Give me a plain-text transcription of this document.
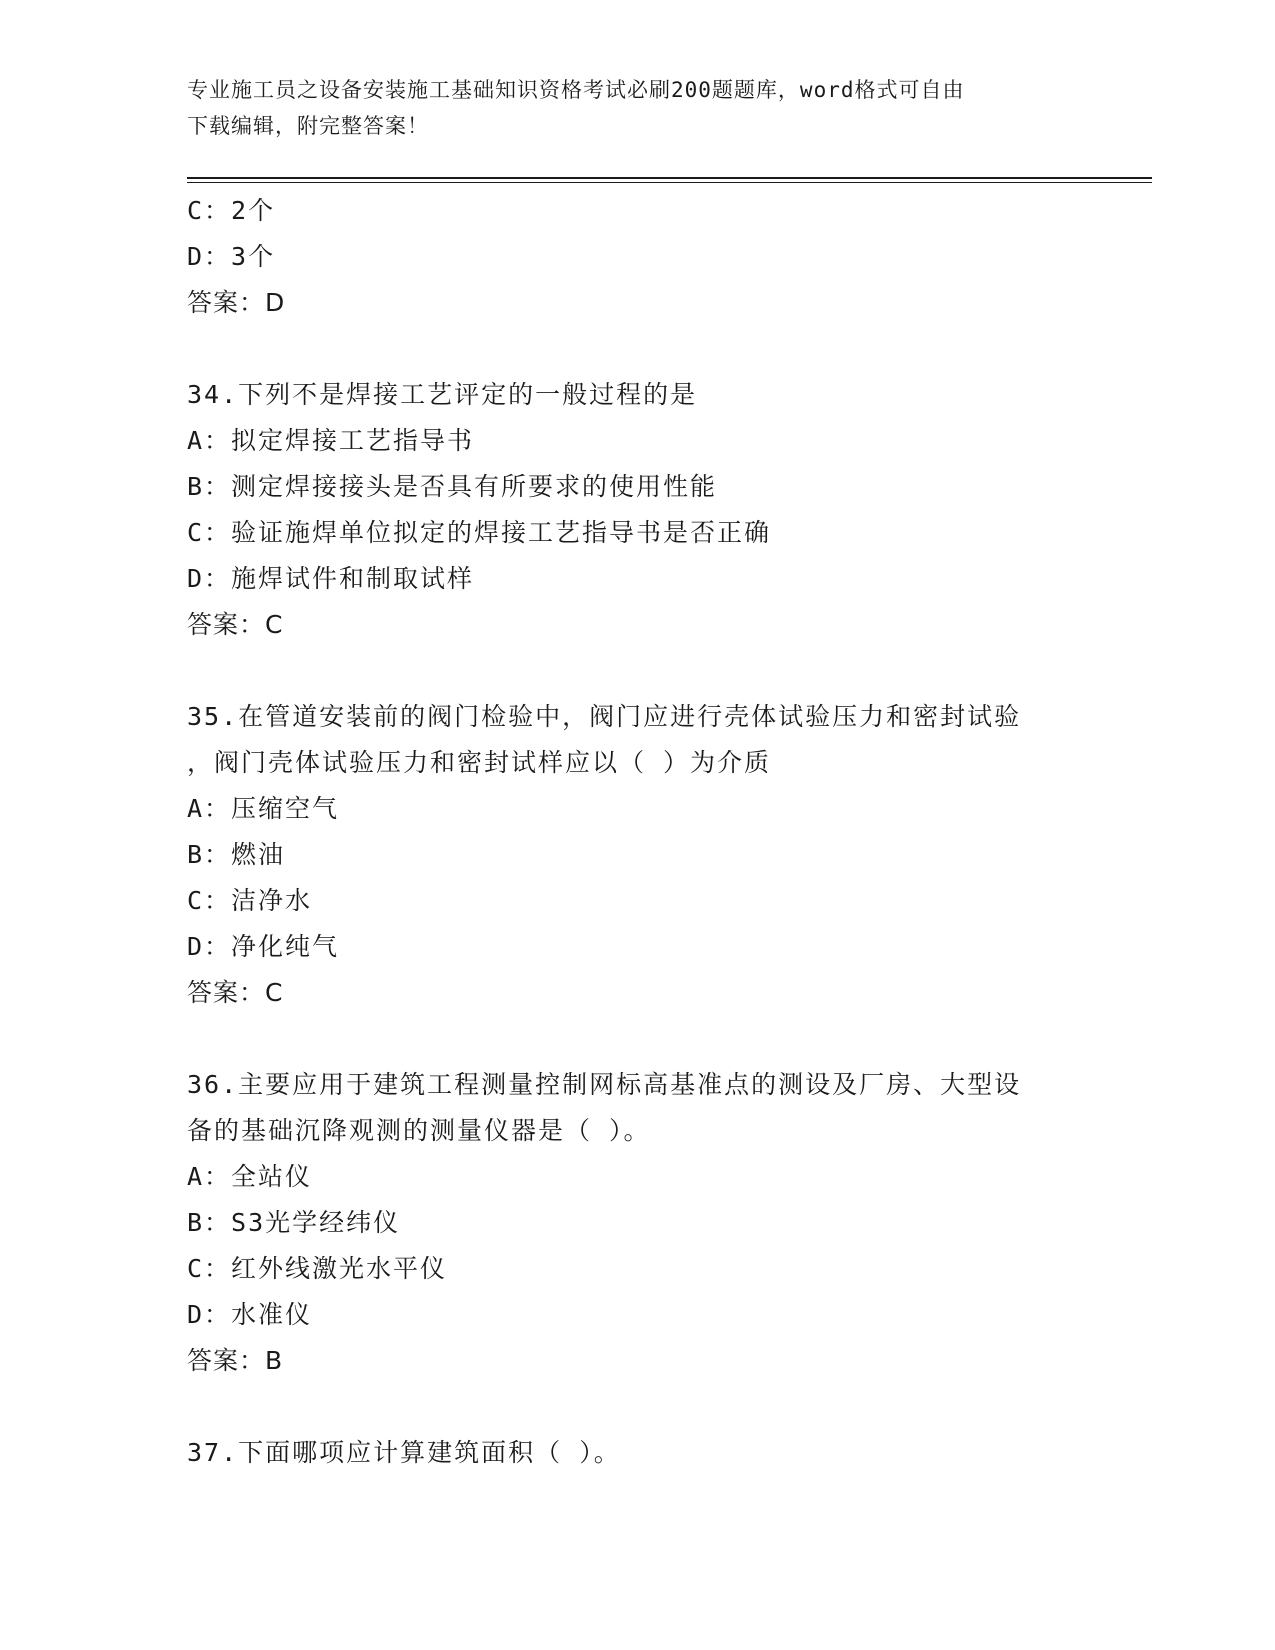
专业施工员之设备安装施工基础知识资格考试必刷200题题库，word格式可自由
下载编辑，附完整答案！
C：2个
D：3个
答案：D
34.下列不是焊接工艺评定的一般过程的是
A：拟定焊接工艺指导书
B：测定焊接接头是否具有所要求的使用性能
C：验证施焊单位拟定的焊接工艺指导书是否正确
D：施焊试件和制取试样
答案：C
35.在管道安装前的阀门检验中，阀门应进行壳体试验压力和密封试验
，阀门壳体试验压力和密封试样应以（ ）为介质
A：压缩空气
B：燃油
C：洁净水
D：净化纯气
答案：C
36.主要应用于建筑工程测量控制网标高基准点的测设及厂房、大型设
备的基础沉降观测的测量仪器是（ ）。
A：全站仪
B：S3光学经纬仪
C：红外线激光水平仪
D：水准仪
答案：B
37.下面哪项应计算建筑面积（ ）。
